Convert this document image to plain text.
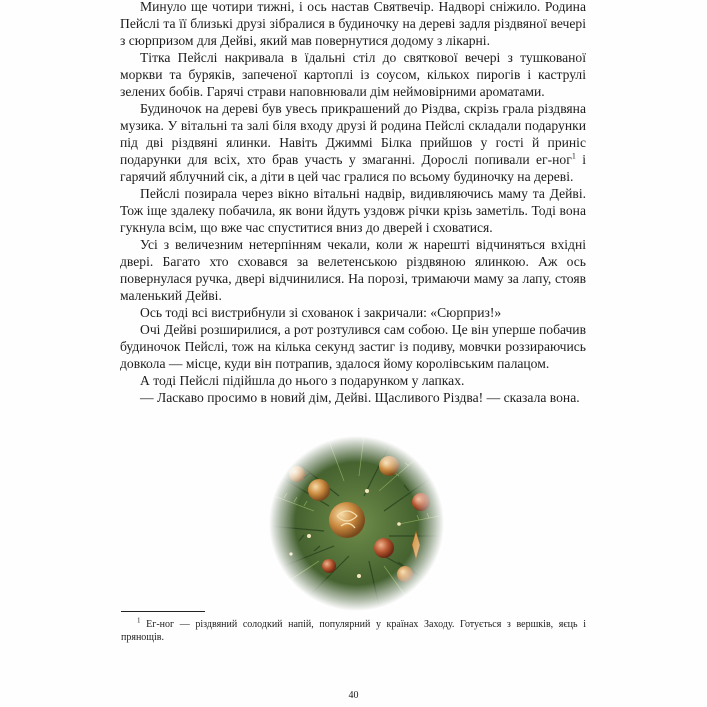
Минуло ще чотири тижні, і ось настав Святвечір. Надворі сніжило. Родина Пейслі та її близькі друзі зібралися в будиночку на дереві задля різдвяної вечері з сюрпризом для Дейві, який мав повернутися додому з лікарні.

Тітка Пейслі накривала в їдальні стіл до святкової вечері з тушкованої моркви та буряків, запеченої картоплі із соусом, кількох пирогів і каструлі зелених бобів. Гарячі страви наповнювали дім неймовірними ароматами.

Будиночок на дереві був увесь прикрашений до Різдва, скрізь грала різдвяна музика. У вітальні та залі біля входу друзі й родина Пейслі складали подарунки під дві різдвяні ялинки. Навіть Джиммі Білка прийшов у гості й приніс подарунки для всіх, хто брав участь у змаганні. Дорослі попивали ег-ног$^1$ і гарячий яблучний сік, а діти в цей час гралися по всьому будиночку на дереві.

Пейслі позирала через вікно вітальні надвір, видивляючись маму та Дейві. Тож іще здалеку побачила, як вони йдуть уздовж річки крізь заметіль. Тоді вона гукнула всім, що вже час спуститися вниз до дверей і сховатися.

Усі з величезним нетерпінням чекали, коли ж нарешті відчиняться вхідні двері. Багато хто сховався за велетенською різдвяною ялинкою. Аж ось повернулася ручка, двері відчинилися. На порозі, тримаючи маму за лапу, стояв маленький Дейві.

Ось тоді всі вистрибнули зі схованок і закричали: «Сюрприз!»

Очі Дейві розширилися, а рот розтулився сам собою. Це він уперше побачив будиночок Пейслі, тож на кілька секунд застиг із подиву, мовчки роззираючись довкола — місце, куди він потрапив, здалося йому королівським палацом.

А тоді Пейслі підійшла до нього з подарунком у лапках.

— Ласкаво просимо в новий дім, Дейві. Щасливого Різдва! — сказала вона.

$^1$ Ег-ног — різдвяний солодкий напій, популярний у країнах Заходу. Готується з вершків, яєць і прянощів.
40
